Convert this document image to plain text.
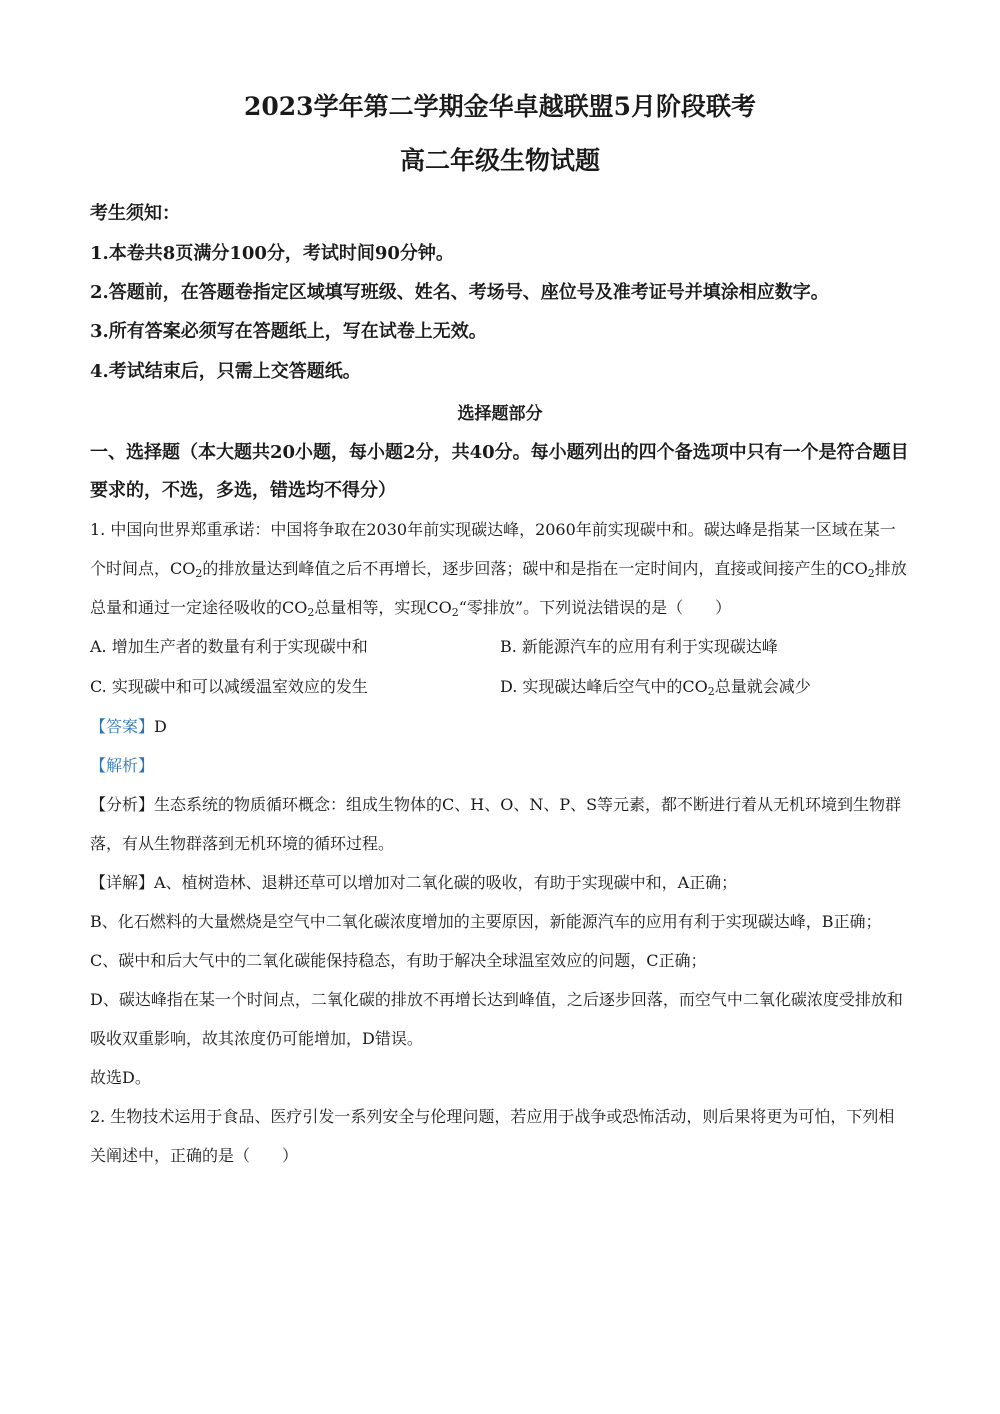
2023学年第二学期金华卓越联盟5月阶段联考
高二年级生物试题

考生须知：

1.本卷共8页满分100分，考试时间90分钟。

2.答题前，在答题卷指定区域填写班级、姓名、考场号、座位号及准考证号并填涂相应数字。

3.所有答案必须写在答题纸上，写在试卷上无效。

4.考试结束后，只需上交答题纸。

选择题部分

一、选择题（本大题共20小题，每小题2分，共40分。每小题列出的四个备选项中只有一个是符合题目要求的，不选，多选，错选均不得分）

1. 中国向世界郑重承诺：中国将争取在2030年前实现碳达峰，2060年前实现碳中和。碳达峰是指某一区域在某一个时间点，$CO_2$的排放量达到峰值之后不再增长，逐步回落；碳中和是指在一定时间内，直接或间接产生的$CO_2$排放总量和通过一定途径吸收的$CO_2$总量相等，实现$CO_2“$零排放”。下列说法错误的是（　　）

A. 增加生产者的数量有利于实现碳中和	B. 新能源汽车的应用有利于实现碳达峰
C. 实现碳中和可以减缓温室效应的发生	D. 实现碳达峰后空气中的$CO_2$总量就会减少

【答案】D

【解析】

【分析】生态系统的物质循环概念：组成生物体的C、H、O、N、P、S等元素，都不断进行着从无机环境到生物群落，有从生物群落到无机环境的循环过程。

【详解】A、植树造林、退耕还草可以增加对二氧化碳的吸收，有助于实现碳中和，A正确；

B、化石燃料的大量燃烧是空气中二氧化碳浓度增加的主要原因，新能源汽车的应用有利于实现碳达峰，B正确；

C、碳中和后大气中的二氧化碳能保持稳态，有助于解决全球温室效应的问题，C正确；

D、碳达峰指在某一个时间点，二氧化碳的排放不再增长达到峰值，之后逐步回落，而空气中二氧化碳浓度受排放和吸收双重影响，故其浓度仍可能增加，D错误。

故选D。

2. 生物技术运用于食品、医疗引发一系列安全与伦理问题，若应用于战争或恐怖活动，则后果将更为可怕，下列相关阐述中，正确的是（　　）
